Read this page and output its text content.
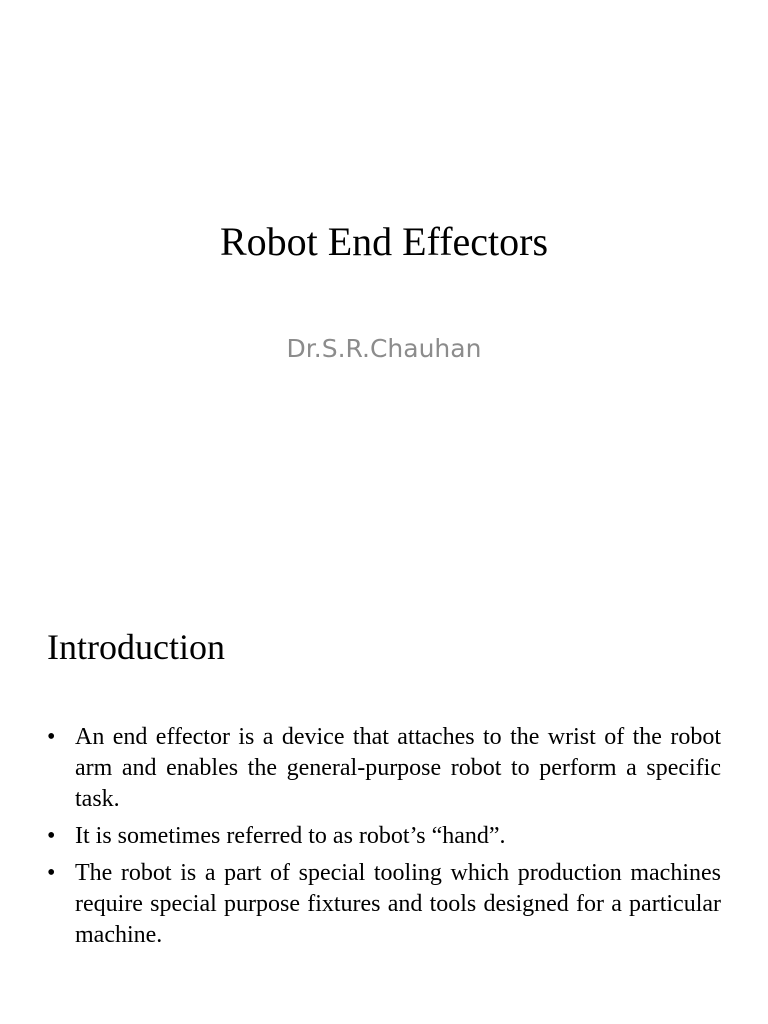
Robot End Effectors
Dr.S.R.Chauhan
Introduction
• An end effector is a device that attaches to the wrist of the robot arm and enables the general-purpose robot to perform a specific task.
• It is sometimes referred to as robot’s “hand”.
• The robot is a part of special tooling which production machines require special purpose fixtures and tools designed for a particular machine.
